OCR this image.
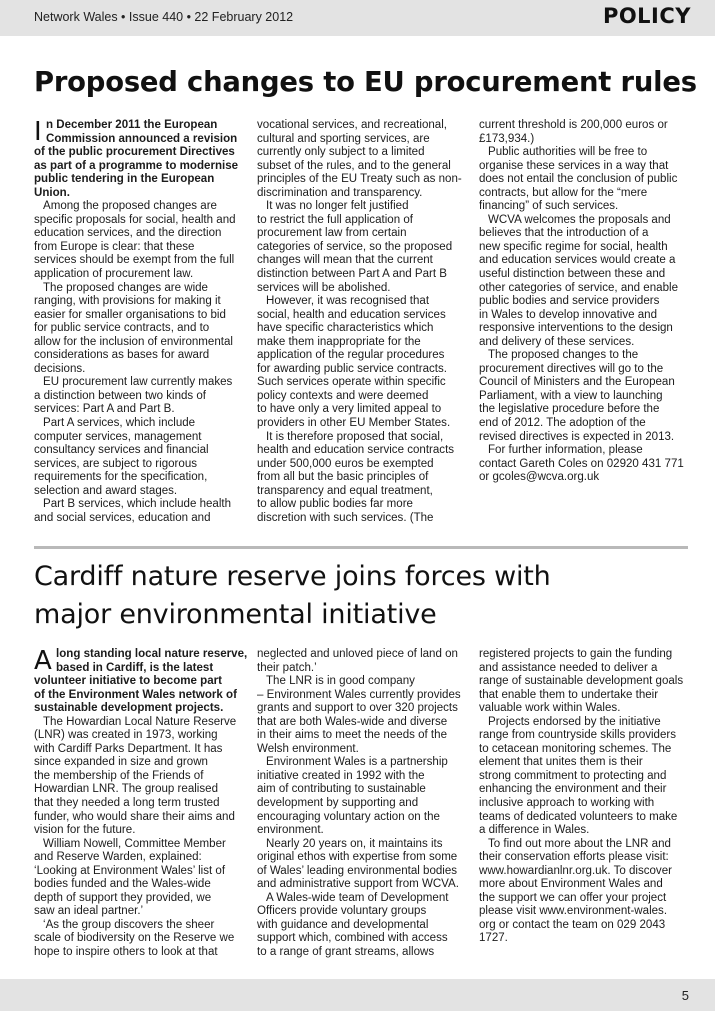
Network Wales • Issue 440 • 22 February 2012	POLICY
Proposed changes to EU procurement rules
I n December 2011 the European
Commission announced a revision
of the public procurement Directives
as part of a programme to modernise
public tendering in the European
Union.
Among the proposed changes are
specific proposals for social, health and
education services, and the direction
from Europe is clear: that these
services should be exempt from the full
application of procurement law.
The proposed changes are wide
ranging, with provisions for making it
easier for smaller organisations to bid
for public service contracts, and to
allow for the inclusion of environmental
considerations as bases for award
decisions.
EU procurement law currently makes
a distinction between two kinds of
services: Part A and Part B.
Part A services, which include
computer services, management
consultancy services and financial
services, are subject to rigorous
requirements for the specification,
selection and award stages.
Part B services, which include health
and social services, education and
vocational services, and recreational,
cultural and sporting services, are
currently only subject to a limited
subset of the rules, and to the general
principles of the EU Treaty such as non-
discrimination and transparency.
It was no longer felt justified
to restrict the full application of
procurement law from certain
categories of service, so the proposed
changes will mean that the current
distinction between Part A and Part B
services will be abolished.
However, it was recognised that
social, health and education services
have specific characteristics which
make them inappropriate for the
application of the regular procedures
for awarding public service contracts.
Such services operate within specific
policy contexts and were deemed
to have only a very limited appeal to
providers in other EU Member States.
It is therefore proposed that social,
health and education service contracts
under 500,000 euros be exempted
from all but the basic principles of
transparency and equal treatment,
to allow public bodies far more
discretion with such services. (The
current threshold is 200,000 euros or
£173,934.)
Public authorities will be free to
organise these services in a way that
does not entail the conclusion of public
contracts, but allow for the “mere
financing” of such services.
WCVA welcomes the proposals and
believes that the introduction of a
new specific regime for social, health
and education services would create a
useful distinction between these and
other categories of service, and enable
public bodies and service providers
in Wales to develop innovative and
responsive interventions to the design
and delivery of these services.
The proposed changes to the
procurement directives will go to the
Council of Ministers and the European
Parliament, with a view to launching
the legislative procedure before the
end of 2012. The adoption of the
revised directives is expected in 2013.
For further information, please
contact Gareth Coles on 02920 431 771
or gcoles@wcva.org.uk
Cardiff nature reserve joins forces with
major environmental initiative
A long standing local nature reserve,
based in Cardiff, is the latest
volunteer initiative to become part
of the Environment Wales network of
sustainable development projects.
The Howardian Local Nature Reserve
(LNR) was created in 1973, working
with Cardiff Parks Department. It has
since expanded in size and grown
the membership of the Friends of
Howardian LNR. The group realised
that they needed a long term trusted
funder, who would share their aims and
vision for the future.
William Nowell, Committee Member
and Reserve Warden, explained:
‘Looking at Environment Wales’ list of
bodies funded and the Wales-wide
depth of support they provided, we
saw an ideal partner.’
‘As the group discovers the sheer
scale of biodiversity on the Reserve we
hope to inspire others to look at that
neglected and unloved piece of land on
their patch.’
The LNR is in good company
– Environment Wales currently provides
grants and support to over 320 projects
that are both Wales-wide and diverse
in their aims to meet the needs of the
Welsh environment.
Environment Wales is a partnership
initiative created in 1992 with the
aim of contributing to sustainable
development by supporting and
encouraging voluntary action on the
environment.
Nearly 20 years on, it maintains its
original ethos with expertise from some
of Wales’ leading environmental bodies
and administrative support from WCVA.
A Wales-wide team of Development
Officers provide voluntary groups
with guidance and developmental
support which, combined with access
to a range of grant streams, allows
registered projects to gain the funding
and assistance needed to deliver a
range of sustainable development goals
that enable them to undertake their
valuable work within Wales.
Projects endorsed by the initiative
range from countryside skills providers
to cetacean monitoring schemes. The
element that unites them is their
strong commitment to protecting and
enhancing the environment and their
inclusive approach to working with
teams of dedicated volunteers to make
a difference in Wales.
To find out more about the LNR and
their conservation efforts please visit:
www.howardianlnr.org.uk. To discover
more about Environment Wales and
the support we can offer your project
please visit www.environment-wales.
org or contact the team on 029 2043
1727.
5
